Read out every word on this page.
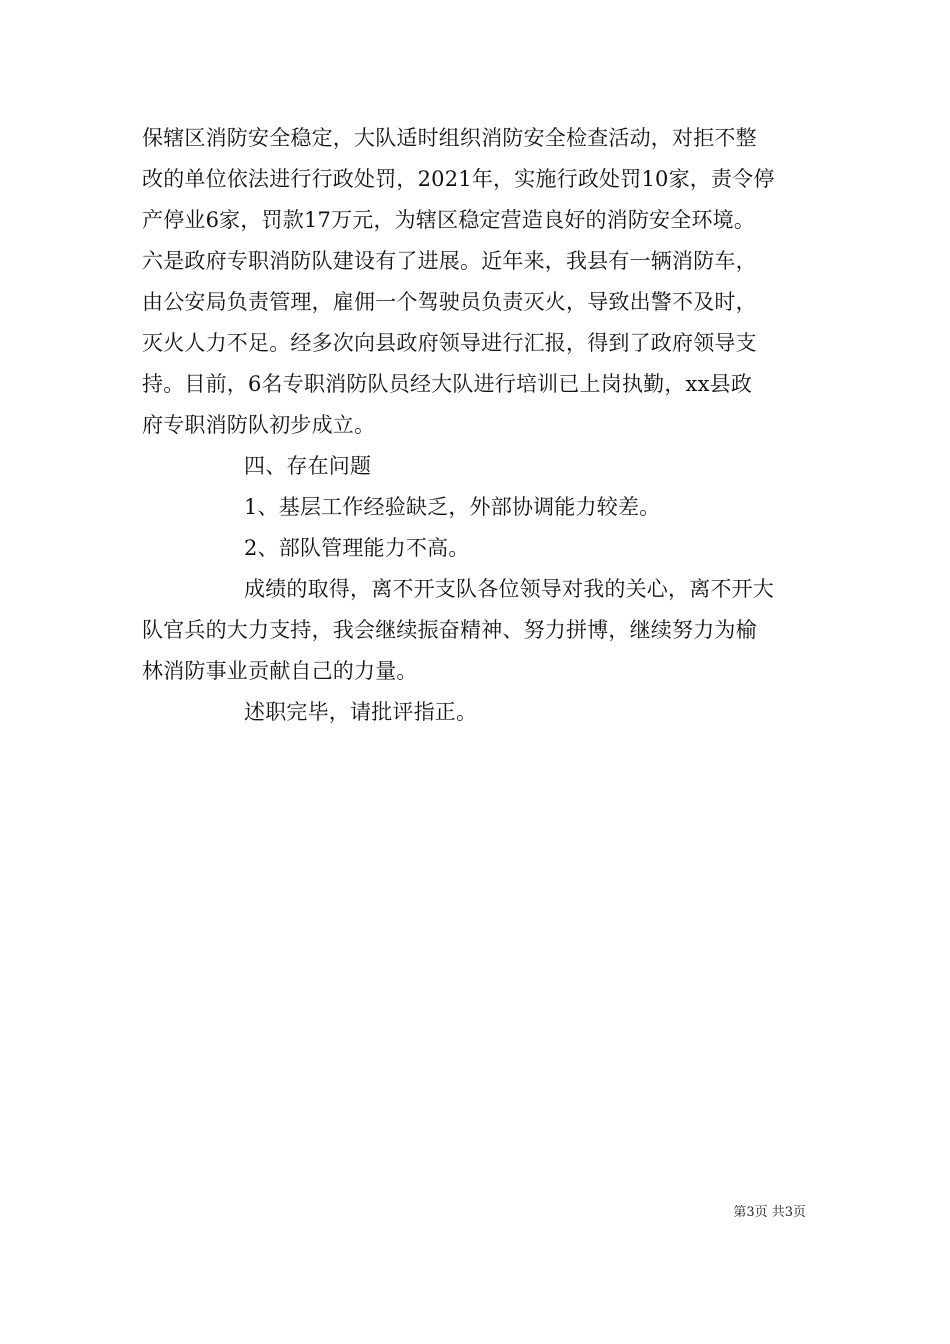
保辖区消防安全稳定，大队适时组织消防安全检查活动，对拒不整
改的单位依法进行行政处罚，2021年，实施行政处罚10家，责令停
产停业6家，罚款17万元，为辖区稳定营造良好的消防安全环境。
六是政府专职消防队建设有了进展。近年来，我县有一辆消防车，
由公安局负责管理，雇佣一个驾驶员负责灭火，导致出警不及时，
灭火人力不足。经多次向县政府领导进行汇报，得到了政府领导支
持。目前，6名专职消防队员经大队进行培训已上岗执勤，xx县政
府专职消防队初步成立。
四、存在问题
1、基层工作经验缺乏，外部协调能力较差。
2、部队管理能力不高。
成绩的取得，离不开支队各位领导对我的关心，离不开大
队官兵的大力支持，我会继续振奋精神、努力拼博，继续努力为榆
林消防事业贡献自己的力量。
述职完毕，请批评指正。
第3页 共3页
